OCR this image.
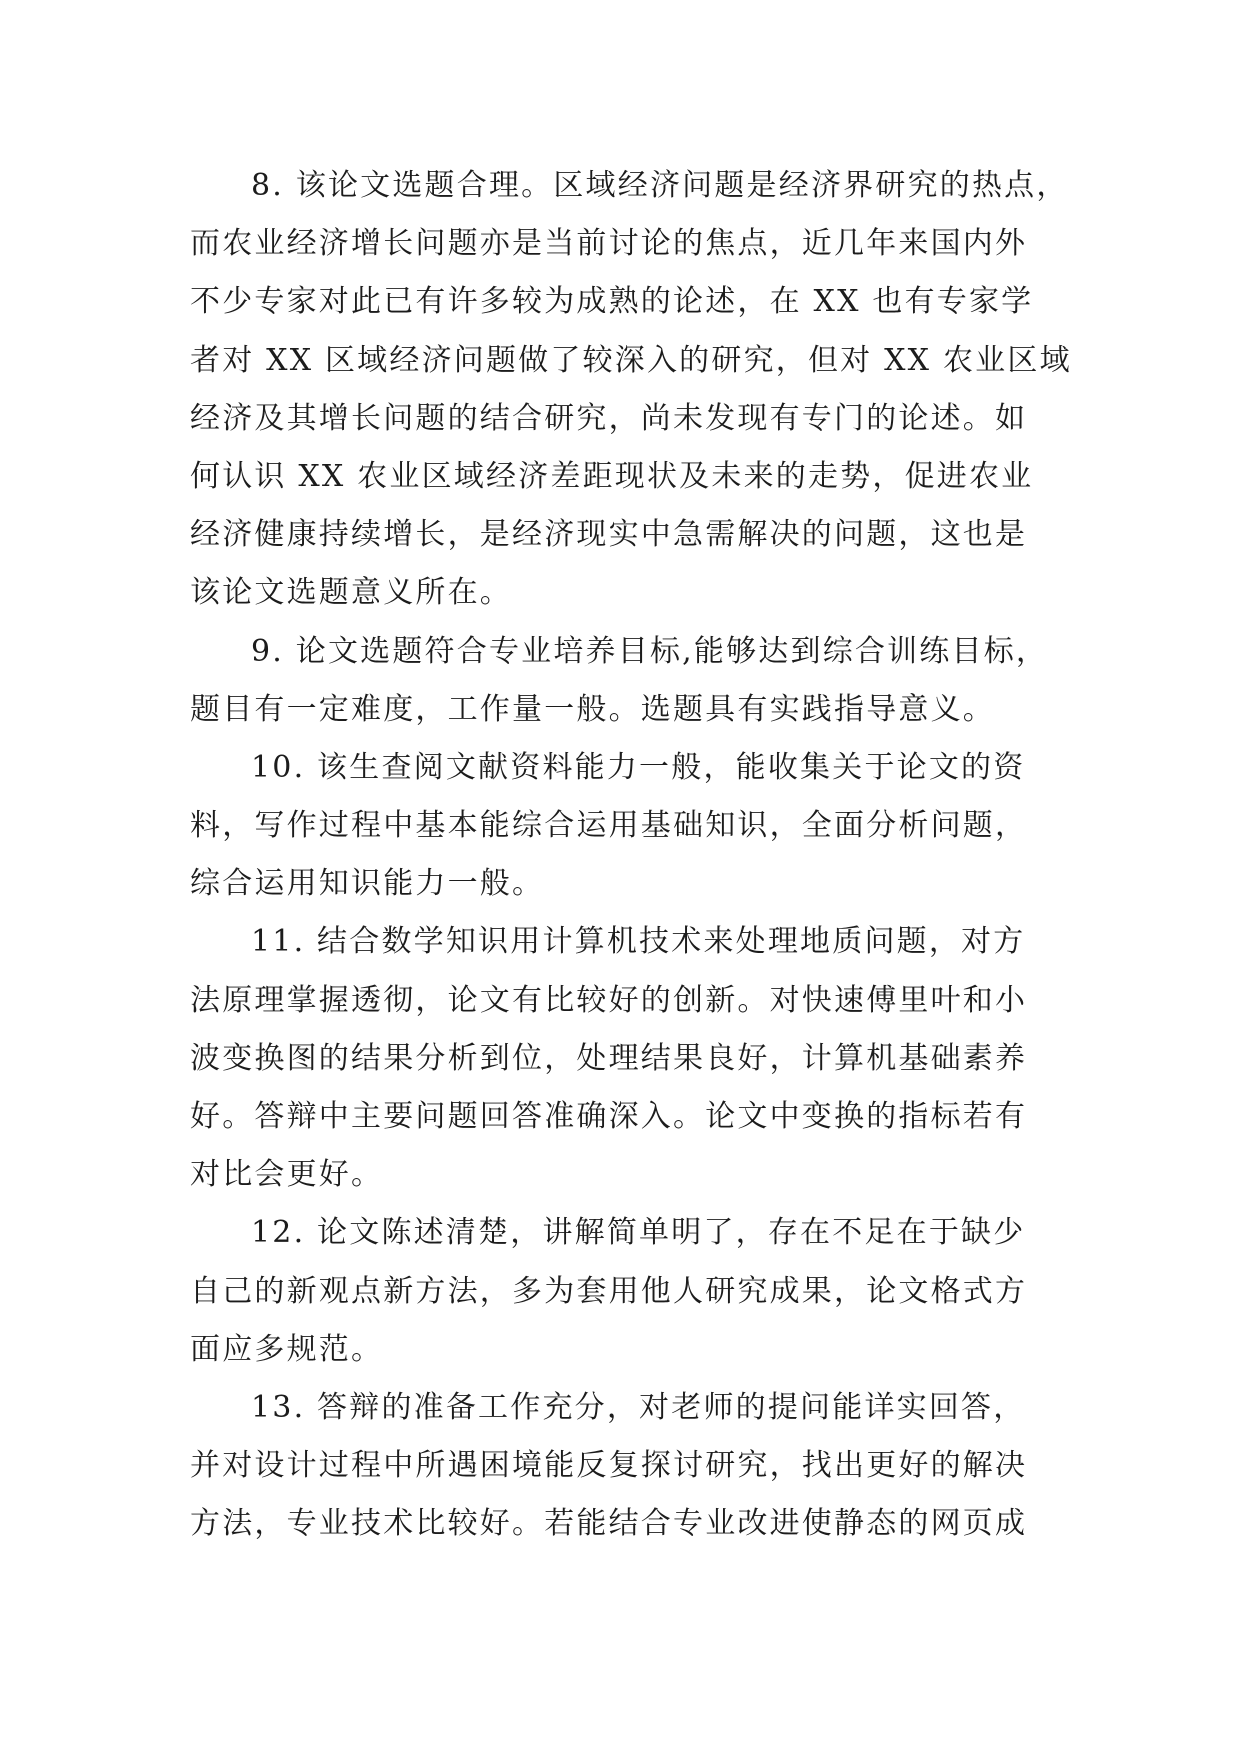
8. 该论文选题合理。区域经济问题是经济界研究的热点，
而农业经济增长问题亦是当前讨论的焦点，近几年来国内外
不少专家对此已有许多较为成熟的论述，在 XX 也有专家学
者对 XX 区域经济问题做了较深入的研究，但对 XX 农业区域
经济及其增长问题的结合研究，尚未发现有专门的论述。如
何认识 XX 农业区域经济差距现状及未来的走势，促进农业
经济健康持续增长，是经济现实中急需解决的问题，这也是
该论文选题意义所在。

9. 论文选题符合专业培养目标,能够达到综合训练目标，
题目有一定难度，工作量一般。选题具有实践指导意义。

10. 该生查阅文献资料能力一般，能收集关于论文的资
料，写作过程中基本能综合运用基础知识，全面分析问题，
综合运用知识能力一般。

11. 结合数学知识用计算机技术来处理地质问题，对方
法原理掌握透彻，论文有比较好的创新。对快速傅里叶和小
波变换图的结果分析到位，处理结果良好，计算机基础素养
好。答辩中主要问题回答准确深入。论文中变换的指标若有
对比会更好。

12. 论文陈述清楚，讲解简单明了，存在不足在于缺少
自己的新观点新方法，多为套用他人研究成果，论文格式方
面应多规范。

13. 答辩的准备工作充分，对老师的提问能详实回答，
并对设计过程中所遇困境能反复探讨研究，找出更好的解决
方法，专业技术比较好。若能结合专业改进使静态的网页成
